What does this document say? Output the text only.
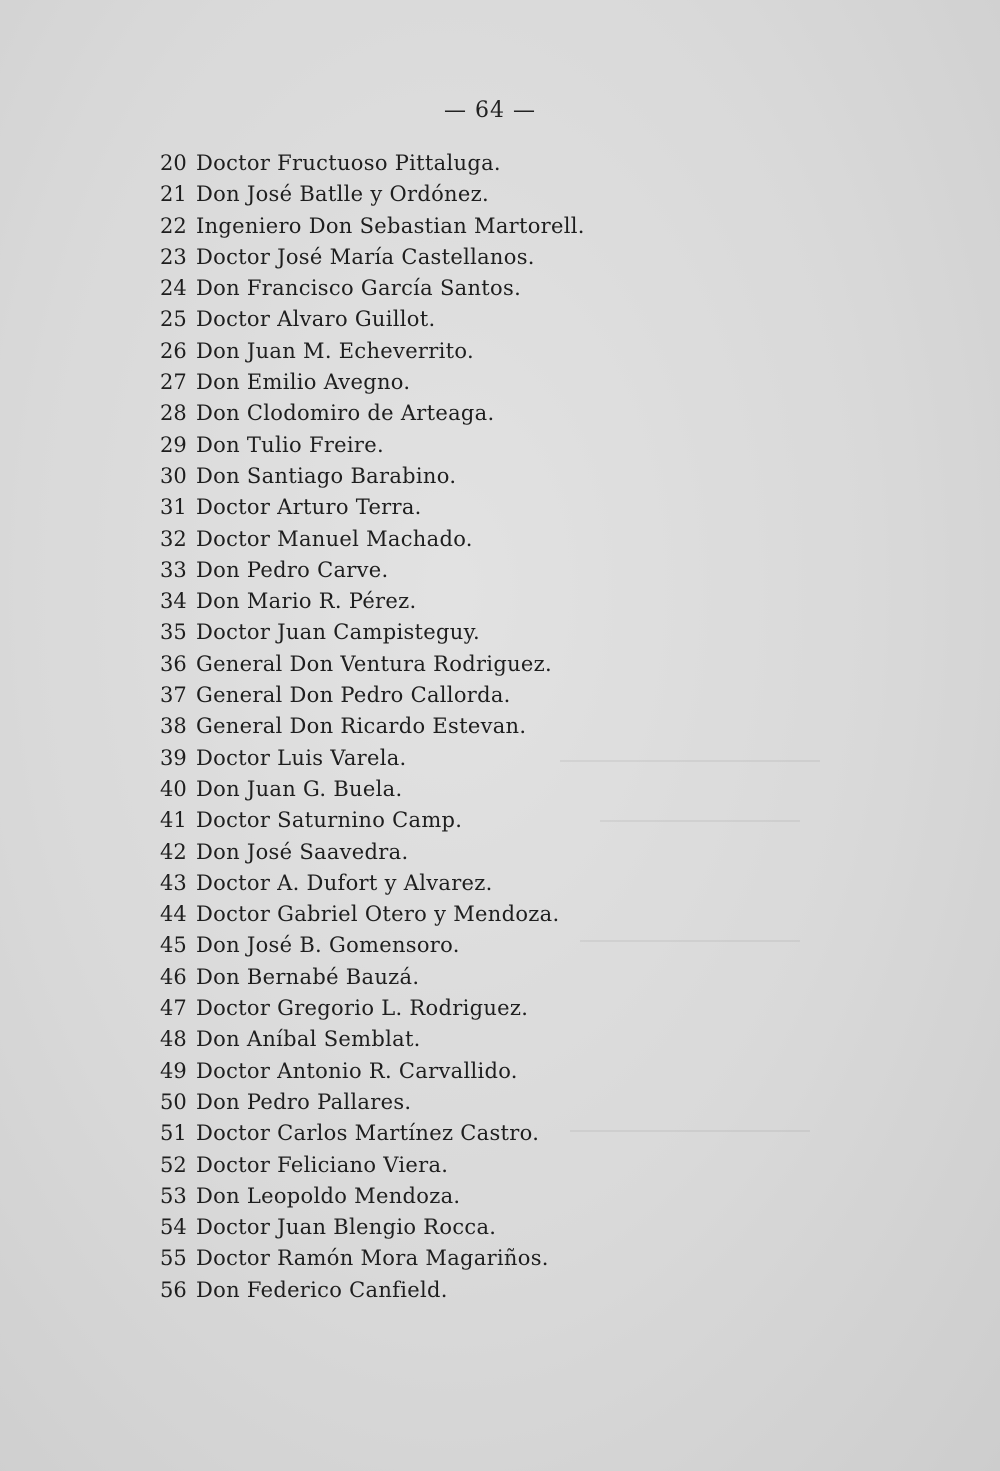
— 64 —
20 Doctor Fructuoso Pittaluga.
21 Don José Batlle y Ordónez.
22 Ingeniero Don Sebastian Martorell.
23 Doctor José María Castellanos.
24 Don Francisco García Santos.
25 Doctor Alvaro Guillot.
26 Don Juan M. Echeverrito.
27 Don Emilio Avegno.
28 Don Clodomiro de Arteaga.
29 Don Tulio Freire.
30 Don Santiago Barabino.
31 Doctor Arturo Terra.
32 Doctor Manuel Machado.
33 Don Pedro Carve.
34 Don Mario R. Pérez.
35 Doctor Juan Campisteguy.
36 General Don Ventura Rodriguez.
37 General Don Pedro Callorda.
38 General Don Ricardo Estevan.
39 Doctor Luis Varela.
40 Don Juan G. Buela.
41 Doctor Saturnino Camp.
42 Don José Saavedra.
43 Doctor A. Dufort y Alvarez.
44 Doctor Gabriel Otero y Mendoza.
45 Don José B. Gomensoro.
46 Don Bernabé Bauzá.
47 Doctor Gregorio L. Rodriguez.
48 Don Aníbal Semblat.
49 Doctor Antonio R. Carvallido.
50 Don Pedro Pallares.
51 Doctor Carlos Martínez Castro.
52 Doctor Feliciano Viera.
53 Don Leopoldo Mendoza.
54 Doctor Juan Blengio Rocca.
55 Doctor Ramón Mora Magariños.
56 Don Federico Canfield.
